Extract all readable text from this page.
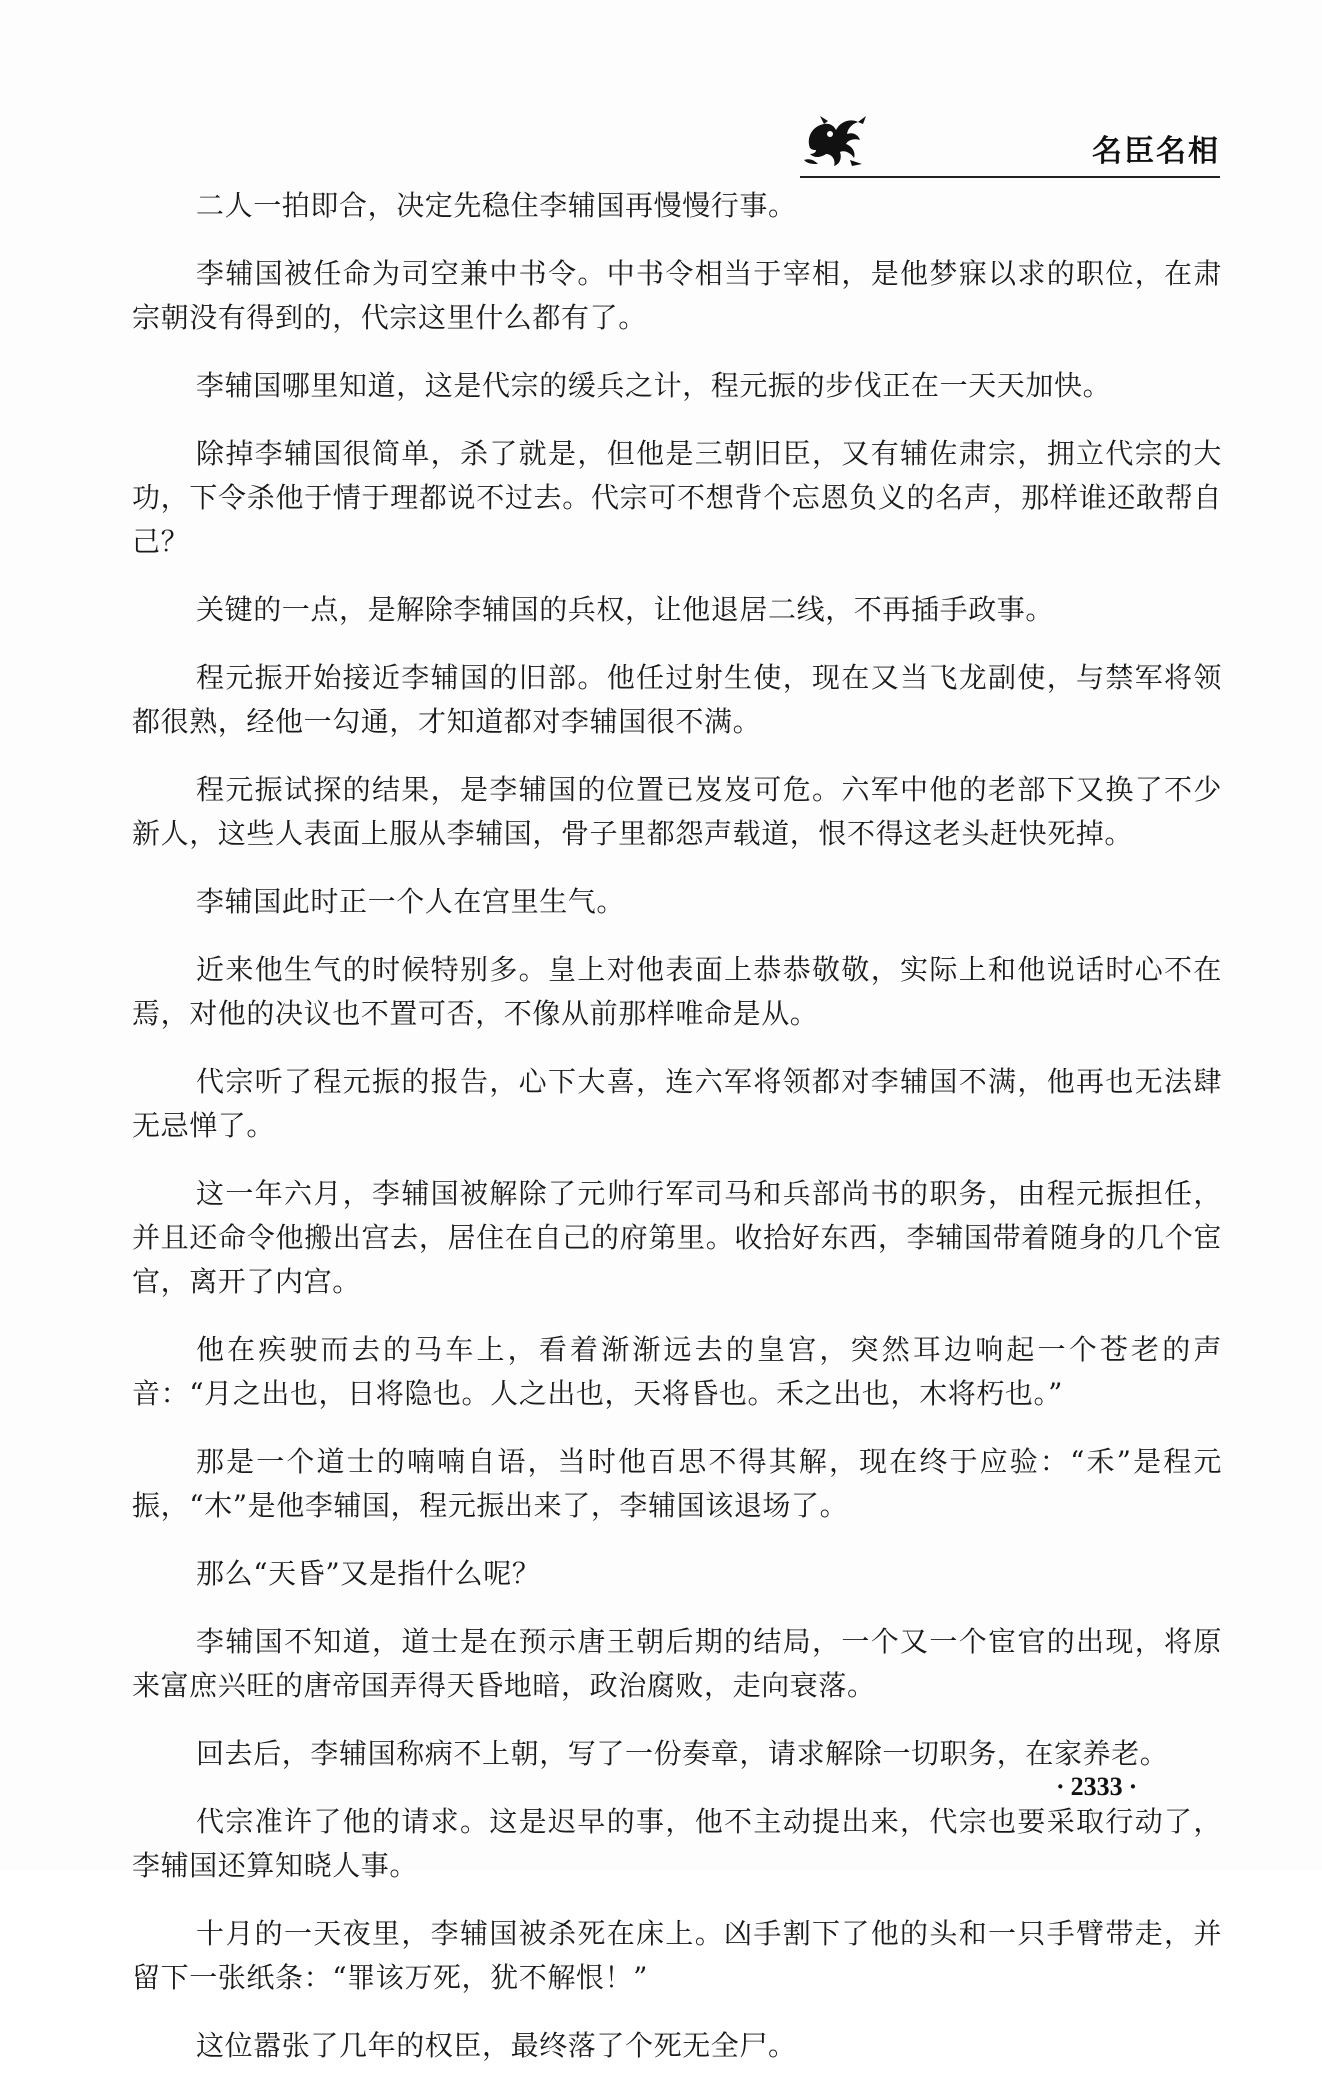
名臣名相

二人一拍即合，决定先稳住李辅国再慢慢行事。

李辅国被任命为司空兼中书令。中书令相当于宰相，是他梦寐以求的职位，在肃宗朝没有得到的，代宗这里什么都有了。

李辅国哪里知道，这是代宗的缓兵之计，程元振的步伐正在一天天加快。

除掉李辅国很简单，杀了就是，但他是三朝旧臣，又有辅佐肃宗，拥立代宗的大功，下令杀他于情于理都说不过去。代宗可不想背个忘恩负义的名声，那样谁还敢帮自己？

关键的一点，是解除李辅国的兵权，让他退居二线，不再插手政事。

程元振开始接近李辅国的旧部。他任过射生使，现在又当飞龙副使，与禁军将领都很熟，经他一勾通，才知道都对李辅国很不满。

程元振试探的结果，是李辅国的位置已岌岌可危。六军中他的老部下又换了不少新人，这些人表面上服从李辅国，骨子里都怨声载道，恨不得这老头赶快死掉。

李辅国此时正一个人在宫里生气。

近来他生气的时候特别多。皇上对他表面上恭恭敬敬，实际上和他说话时心不在焉，对他的决议也不置可否，不像从前那样唯命是从。

代宗听了程元振的报告，心下大喜，连六军将领都对李辅国不满，他再也无法肆无忌惮了。

这一年六月，李辅国被解除了元帅行军司马和兵部尚书的职务，由程元振担任，并且还命令他搬出宫去，居住在自己的府第里。收拾好东西，李辅国带着随身的几个宦官，离开了内宫。

他在疾驶而去的马车上，看着渐渐远去的皇宫，突然耳边响起一个苍老的声音：“月之出也，日将隐也。人之出也，天将昏也。禾之出也，木将朽也。”

那是一个道士的喃喃自语，当时他百思不得其解，现在终于应验：“禾”是程元振，“木”是他李辅国，程元振出来了，李辅国该退场了。

那么“天昏”又是指什么呢？

李辅国不知道，道士是在预示唐王朝后期的结局，一个又一个宦官的出现，将原来富庶兴旺的唐帝国弄得天昏地暗，政治腐败，走向衰落。

回去后，李辅国称病不上朝，写了一份奏章，请求解除一切职务，在家养老。

代宗准许了他的请求。这是迟早的事，他不主动提出来，代宗也要采取行动了，李辅国还算知晓人事。

十月的一天夜里，李辅国被杀死在床上。凶手割下了他的头和一只手臂带走，并留下一张纸条：“罪该万死，犹不解恨！”

这位嚣张了几年的权臣，最终落了个死无全尸。

· 2333 ·
